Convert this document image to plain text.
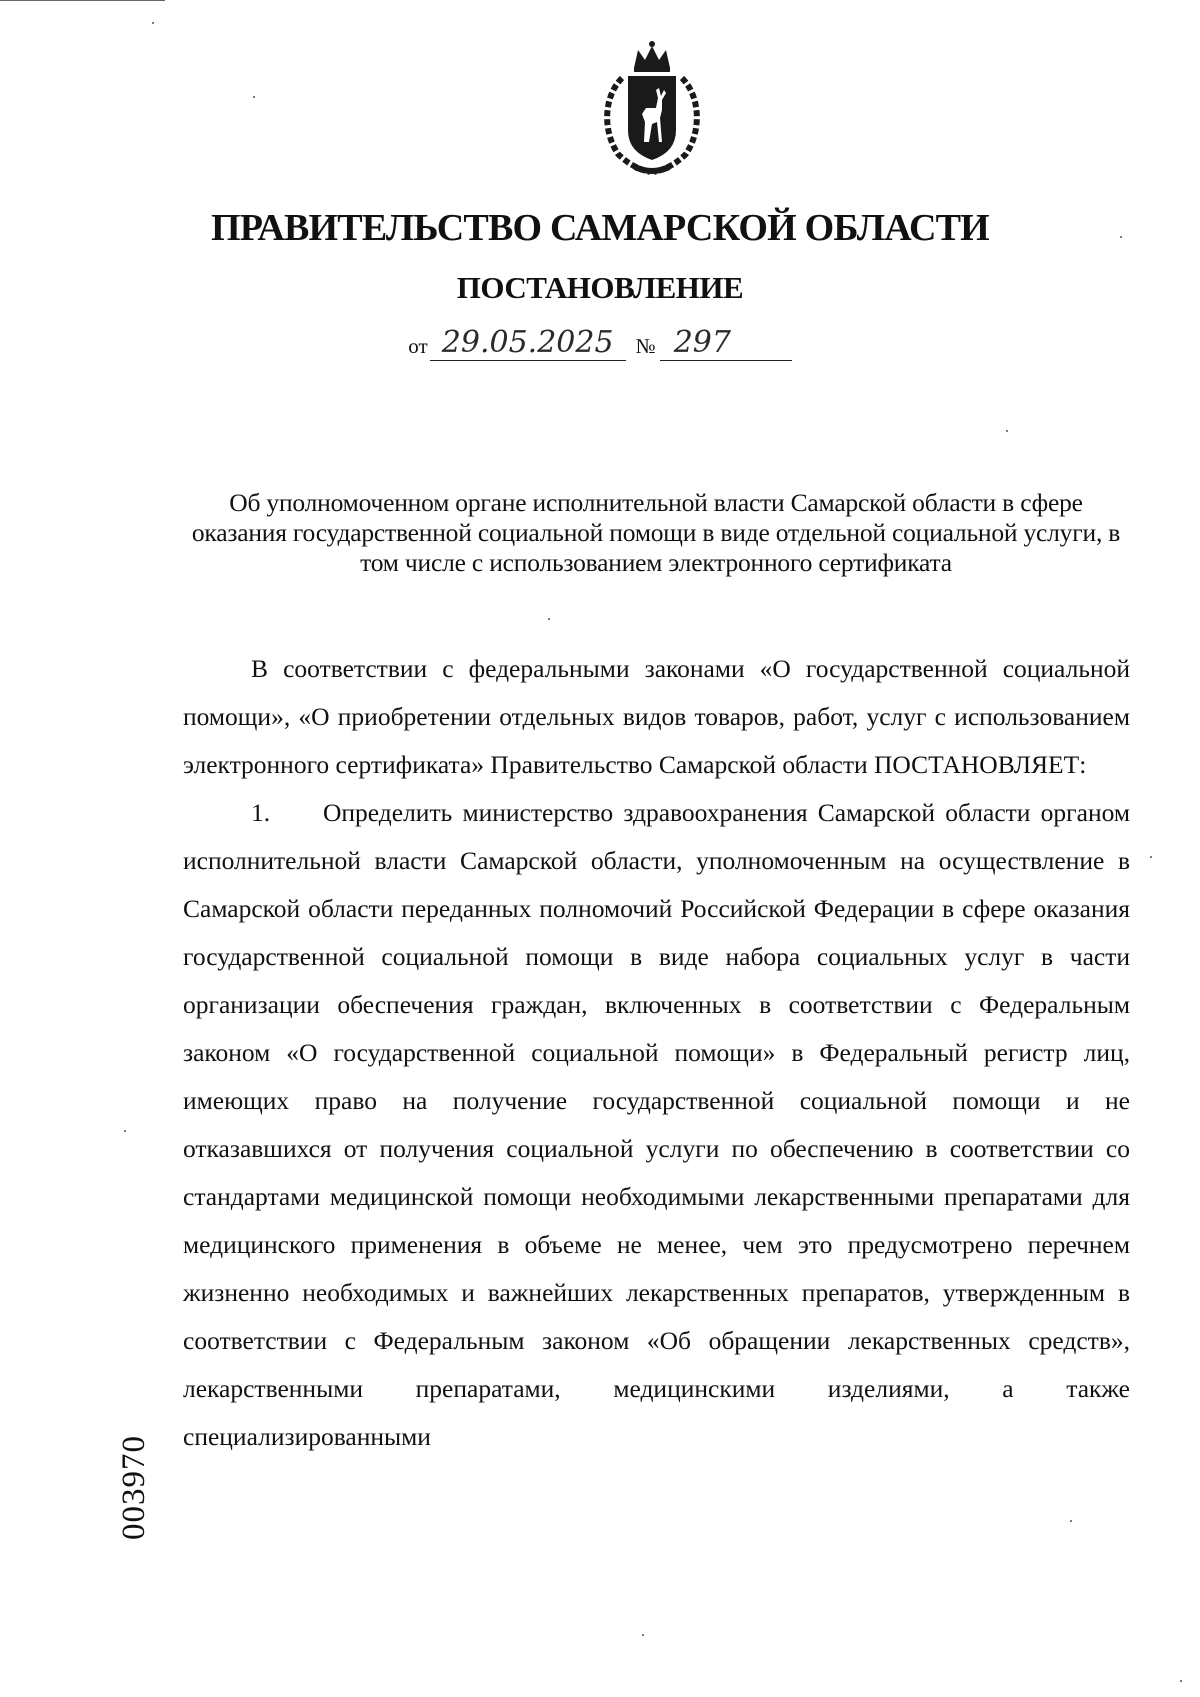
ПРАВИТЕЛЬСТВО САМАРСКОЙ ОБЛАСТИ
ПОСТАНОВЛЕНИЕ
от 29.05.2025 № 297

Об уполномоченном органе исполнительной власти Самарской области в сфере оказания государственной социальной помощи в виде отдельной социальной услуги, в том числе с использованием электронного сертификата

В соответствии с федеральными законами «О государственной социальной помощи», «О приобретении отдельных видов товаров, работ, услуг с использованием электронного сертификата» Правительство Самарской области ПОСТАНОВЛЯЕТ:

1. Определить министерство здравоохранения Самарской области органом исполнительной власти Самарской области, уполномоченным на осуществление в Самарской области переданных полномочий Российской Федерации в сфере оказания государственной социальной помощи в виде набора социальных услуг в части организации обеспечения граждан, включенных в соответствии с Федеральным законом «О государственной социальной помощи» в Федеральный регистр лиц, имеющих право на получение государственной социальной помощи и не отказавшихся от получения социальной услуги по обеспечению в соответствии со стандартами медицинской помощи необходимыми лекарственными препаратами для медицинского применения в объеме не менее, чем это предусмотрено перечнем жизненно необходимых и важнейших лекарственных препаратов, утвержденным в соответствии с Федеральным законом «Об обращении лекарственных средств», лекарственными препаратами, медицинскими изделиями, а также специализированными

003970
